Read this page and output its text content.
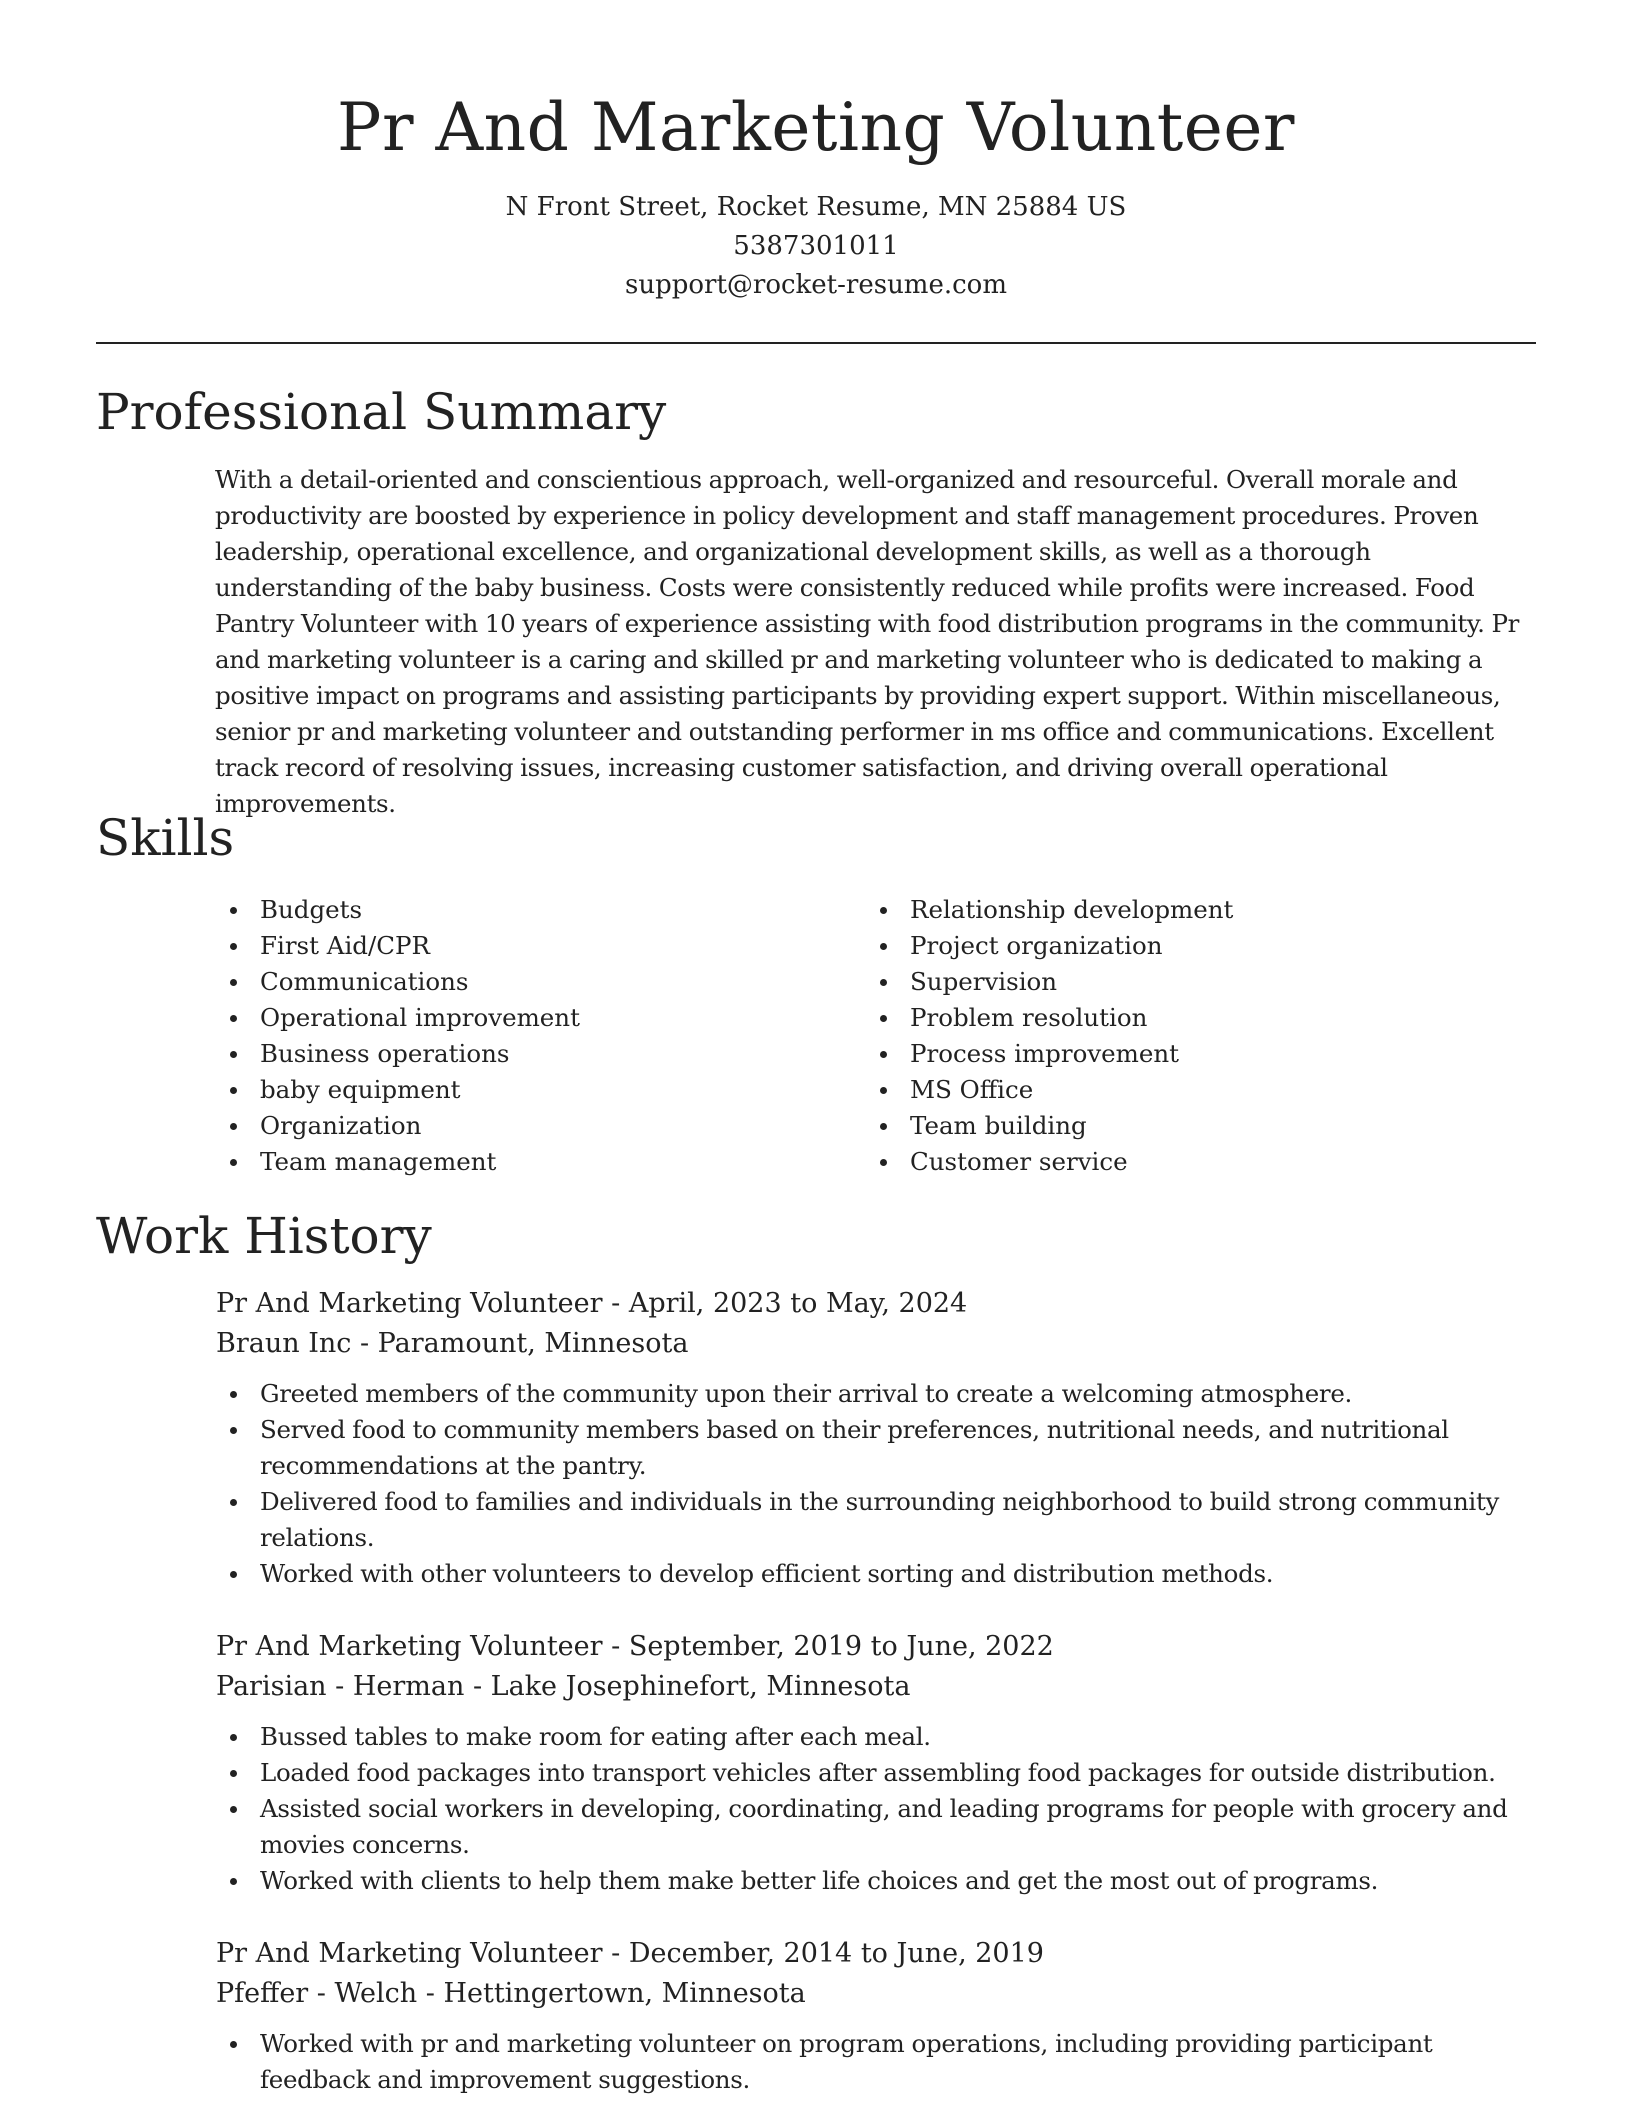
Pr And Marketing Volunteer
N Front Street, Rocket Resume, MN 25884 US
5387301011
support@rocket-resume.com
Professional Summary

With a detail-oriented and conscientious approach, well-organized and resourceful. Overall morale and productivity are boosted by experience in policy development and staff management procedures. Proven leadership, operational excellence, and organizational development skills, as well as a thorough understanding of the baby business. Costs were consistently reduced while profits were increased. Food Pantry Volunteer with 10 years of experience assisting with food distribution programs in the community. Pr and marketing volunteer is a caring and skilled pr and marketing volunteer who is dedicated to making a positive impact on programs and assisting participants by providing expert support. Within miscellaneous, senior pr and marketing volunteer and outstanding performer in ms office and communications. Excellent track record of resolving issues, increasing customer satisfaction, and driving overall operational improvements.

Skills
Budgets
First Aid/CPR
Communications
Operational improvement
Business operations
baby equipment
Organization
Team management
Relationship development
Project organization
Supervision
Problem resolution
Process improvement
MS Office
Team building
Customer service
Work History
Pr And Marketing Volunteer - April, 2023 to May, 2024
Braun Inc - Paramount, Minnesota
Greeted members of the community upon their arrival to create a welcoming atmosphere.
Served food to community members based on their preferences, nutritional needs, and nutritional recommendations at the pantry.
Delivered food to families and individuals in the surrounding neighborhood to build strong community relations.
Worked with other volunteers to develop efficient sorting and distribution methods.
Pr And Marketing Volunteer - September, 2019 to June, 2022
Parisian - Herman - Lake Josephinefort, Minnesota
Bussed tables to make room for eating after each meal.
Loaded food packages into transport vehicles after assembling food packages for outside distribution.
Assisted social workers in developing, coordinating, and leading programs for people with grocery and movies concerns.
Worked with clients to help them make better life choices and get the most out of programs.
Pr And Marketing Volunteer - December, 2014 to June, 2019
Pfeffer - Welch - Hettingertown, Minnesota
Worked with pr and marketing volunteer on program operations, including providing participant feedback and improvement suggestions.
